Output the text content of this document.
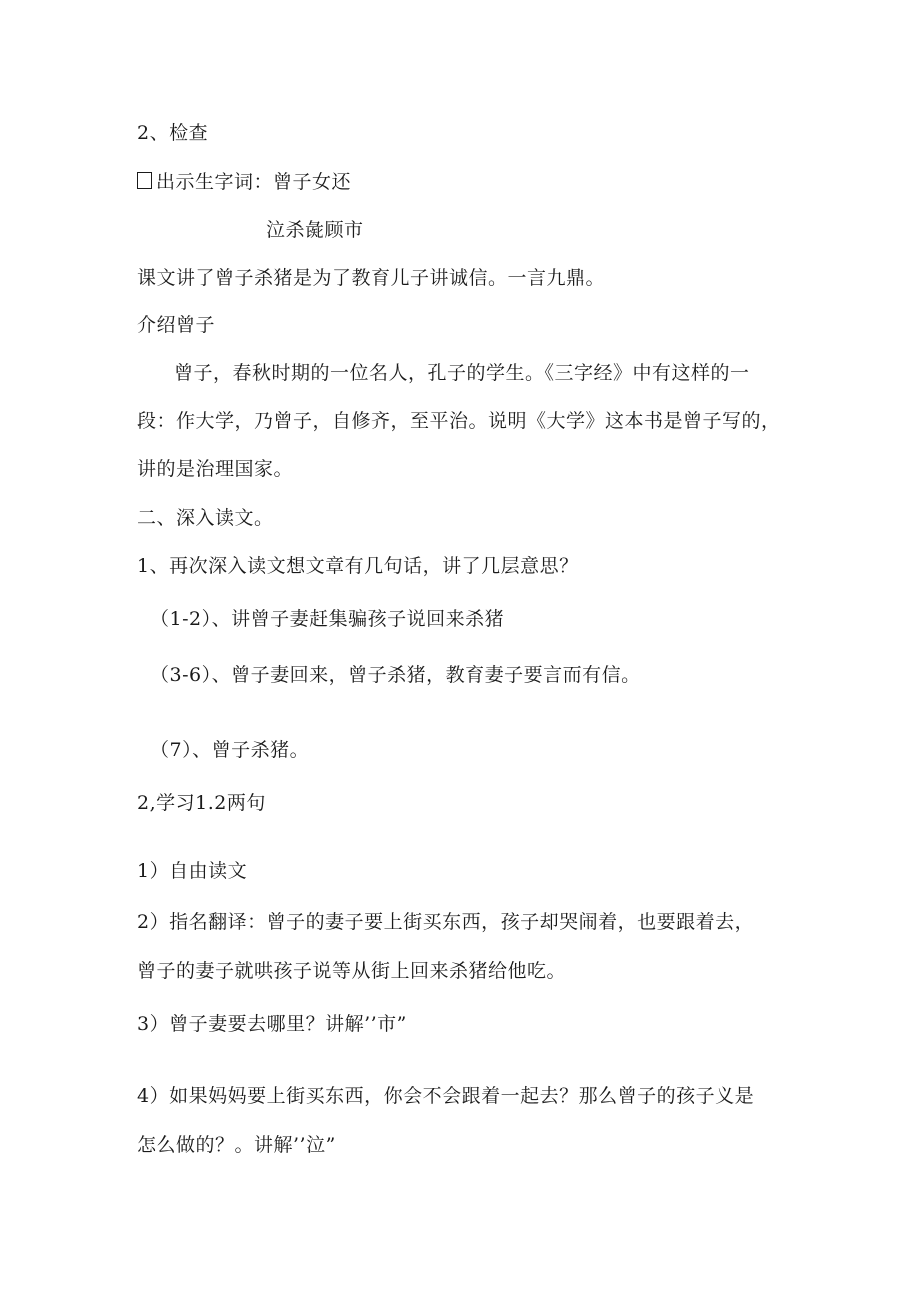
2、检查
出示生字词：曾子女还
泣杀彘顾市
课文讲了曾子杀猪是为了教育儿子讲诚信。一言九鼎。
介绍曾子
曾子，春秋时期的一位名人，孔子的学生。《三字经》中有这样的一
段：作大学，乃曾子，自修齐，至平治。说明《大学》这本书是曾子写的，
讲的是治理国家。
二、深入读文。
1、再次深入读文想文章有几句话，讲了几层意思？
（1-2）、讲曾子妻赶集骗孩子说回来杀猪
（3-6）、曾子妻回来，曾子杀猪，教育妻子要言而有信。
（7）、曾子杀猪。
2,学习1.2两句
1）自由读文
2）指名翻译：曾子的妻子要上街买东西，孩子却哭闹着，也要跟着去，
曾子的妻子就哄孩子说等从街上回来杀猪给他吃。
3）曾子妻要去哪里？讲解’’市”
4）如果妈妈要上街买东西，你会不会跟着一起去？那么曾子的孩子义是
怎么做的？。讲解’’泣”
